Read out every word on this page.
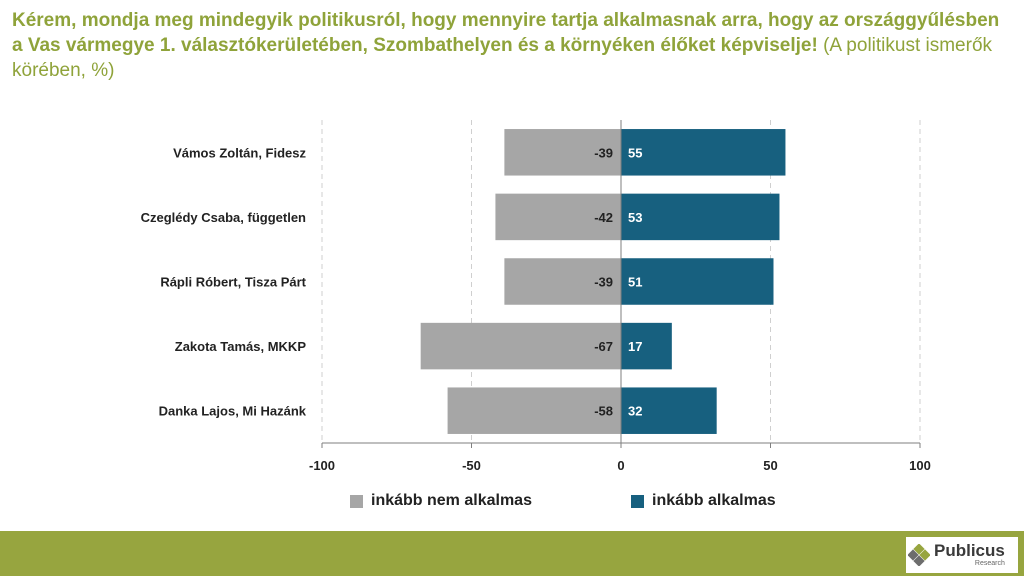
Kérem, mondja meg mindegyik politikusról, hogy mennyire tartja alkalmasnak arra, hogy az országgyűlésben a Vas vármegye 1. választókerületében, Szombathelyen és a környéken élőket képviselje! (A politikust ismerők körében, %)
Vámos Zoltán, Fidesz	-39 55
Czeglédy Csaba, független	-42 53
Rápli Róbert, Tisza Párt	-39 51
Zakota Tamás, MKKP	-67 17
Danka Lajos, Mi Hazánk	-58 32
-100	-50	0	50	100
inkább nem alkalmas	inkább alkalmas
Publicus
Research
